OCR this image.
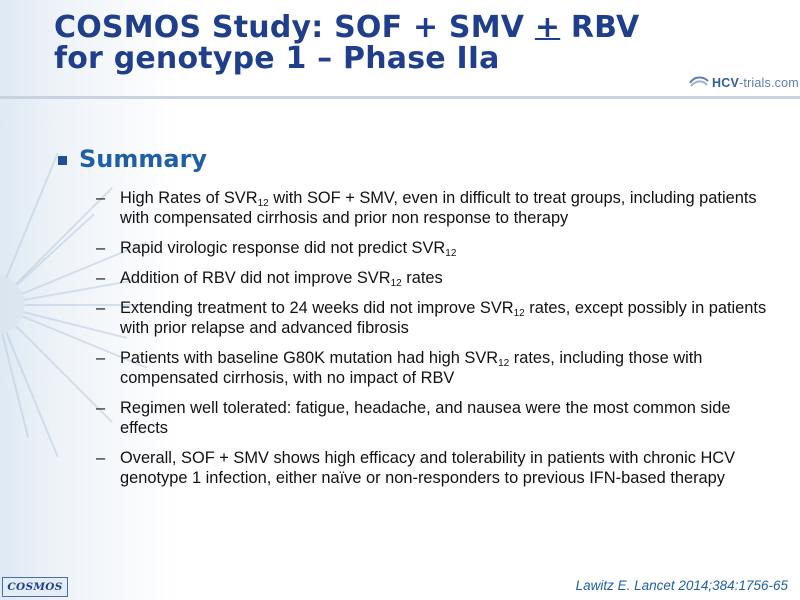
COSMOS Study: SOF + SMV + RBV
for genotype 1 – Phase IIa
HCV-trials.com
Summary
– High Rates of $SVR_{12}$ with SOF + SMV, even in difficult to treat groups, including patients with compensated cirrhosis and prior non response to therapy
– Rapid virologic response did not predict $SVR_{12}$
– Addition of RBV did not improve $SVR_{12}$ rates
– Extending treatment to 24 weeks did not improve $SVR_{12}$ rates, except possibly in patients with prior relapse and advanced fibrosis
– Patients with baseline G80K mutation had high $SVR_{12}$ rates, including those with compensated cirrhosis, with no impact of RBV
– Regimen well tolerated: fatigue, headache, and nausea were the most common side effects
– Overall, SOF + SMV shows high efficacy and tolerability in patients with chronic HCV genotype 1 infection, either naïve or non-responders to previous IFN-based therapy
COSMOS	Lawitz E. Lancet 2014;384:1756-65
